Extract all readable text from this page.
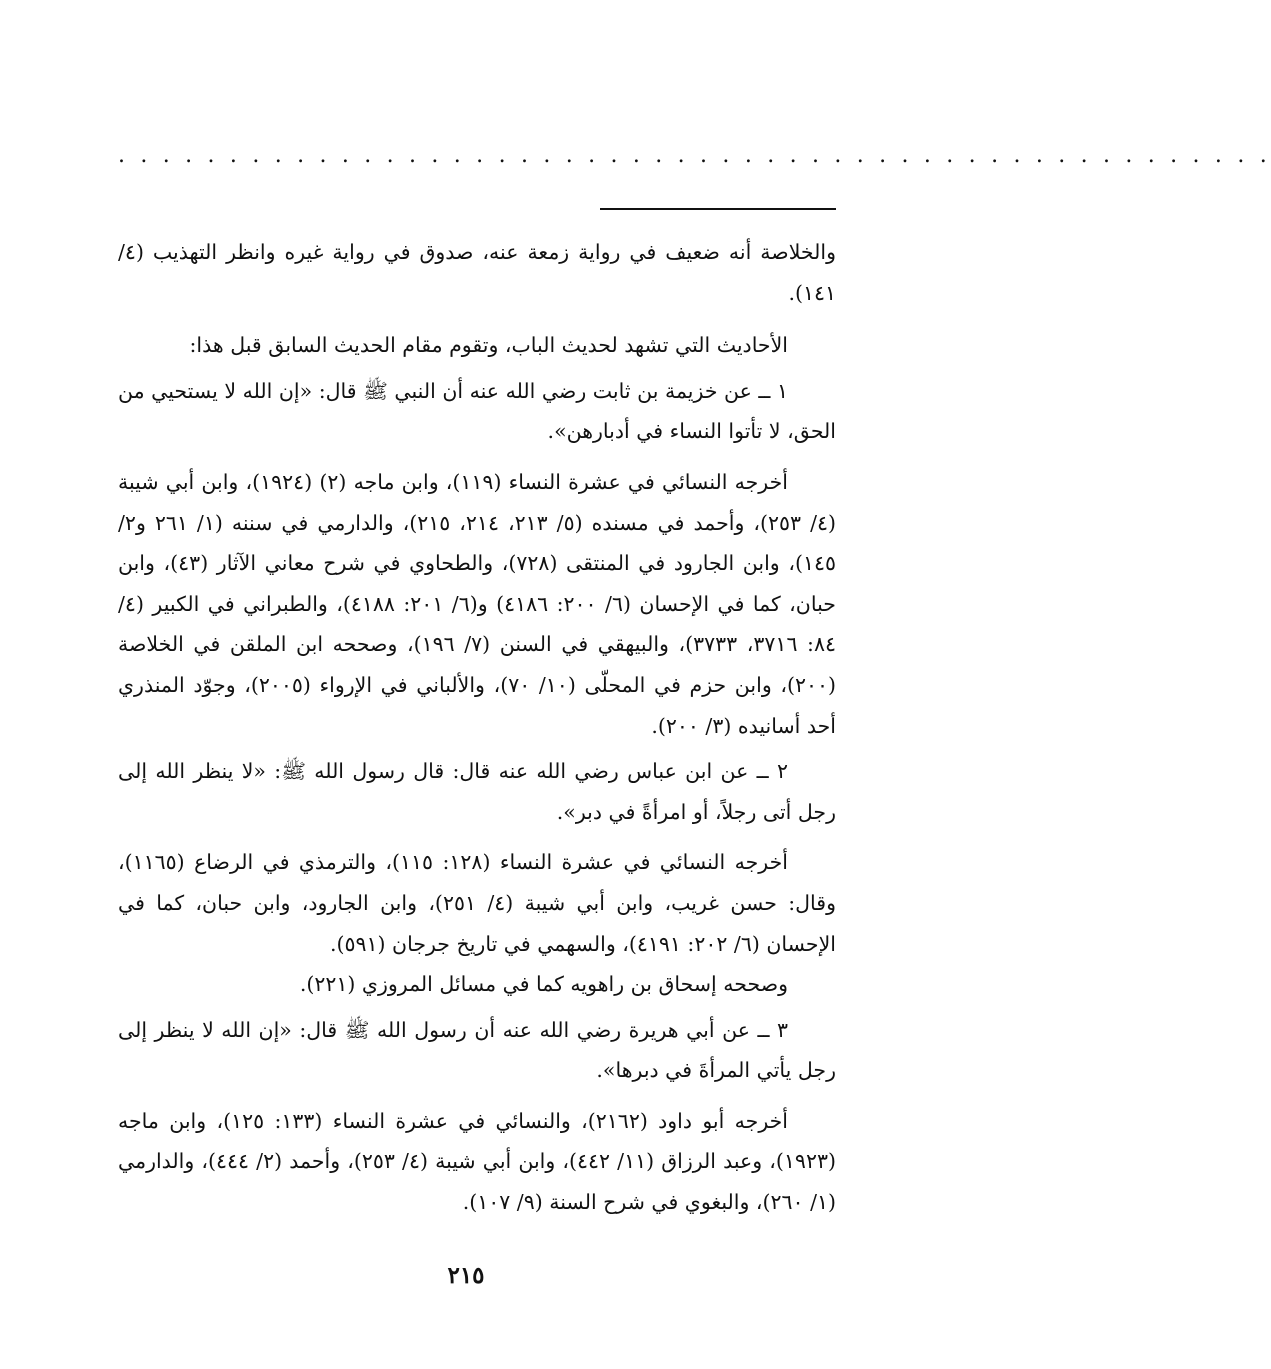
. . . . . . . . . . . . . . . . . . . . . . . . . . . . . . . . . . . . . . . . . . . . . . . . . . . .

والخلاصة أنه ضعيف في رواية زمعة عنه، صدوق في رواية غيره وانظر التهذيب (٤/ ١٤١).

الأحاديث التي تشهد لحديث الباب، وتقوم مقام الحديث السابق قبل هذا:

١ ــ عن خزيمة بن ثابت رضي الله عنه أن النبي ﷺ قال: «إن الله لا يستحيي من الحق، لا تأتوا النساء في أدبارهن».

أخرجه النسائي في عشرة النساء (١١٩)، وابن ماجه (٢) (١٩٢٤)، وابن أبي شيبة (٤/ ٢٥٣)، وأحمد في مسنده (٥/ ٢١٣، ٢١٤، ٢١٥)، والدارمي في سننه (١/ ٢٦١ و٢/ ١٤٥)، وابن الجارود في المنتقى (٧٢٨)، والطحاوي في شرح معاني الآثار (٤٣)، وابن حبان، كما في الإحسان (٦/ ٢٠٠: ٤١٨٦) و(٦/ ٢٠١: ٤١٨٨)، والطبراني في الكبير (٤/ ٨٤: ٣٧١٦، ٣٧٣٣)، والبيهقي في السنن (٧/ ١٩٦)، وصححه ابن الملقن في الخلاصة (٢٠٠)، وابن حزم في المحلّى (١٠/ ٧٠)، والألباني في الإرواء (٢٠٠٥)، وجوّد المنذري أحد أسانيده (٣/ ٢٠٠).

٢ ــ عن ابن عباس رضي الله عنه قال: قال رسول الله ﷺ: «لا ينظر الله إلى رجل أتى رجلاً، أو امرأةً في دبر».

أخرجه النسائي في عشرة النساء (١٢٨: ١١٥)، والترمذي في الرضاع (١١٦٥)، وقال: حسن غريب، وابن أبي شيبة (٤/ ٢٥١)، وابن الجارود، وابن حبان، كما في الإحسان (٦/ ٢٠٢: ٤١٩١)، والسهمي في تاريخ جرجان (٥٩١).

وصححه إسحاق بن راهويه كما في مسائل المروزي (٢٢١).

٣ ــ عن أبي هريرة رضي الله عنه أن رسول الله ﷺ قال: «إن الله لا ينظر إلى رجل يأتي المرأةَ في دبرها».

أخرجه أبو داود (٢١٦٢)، والنسائي في عشرة النساء (١٣٣: ١٢٥)، وابن ماجه (١٩٢٣)، وعبد الرزاق (١١/ ٤٤٢)، وابن أبي شيبة (٤/ ٢٥٣)، وأحمد (٢/ ٤٤٤)، والدارمي (١/ ٢٦٠)، والبغوي في شرح السنة (٩/ ١٠٧).

٢١٥
